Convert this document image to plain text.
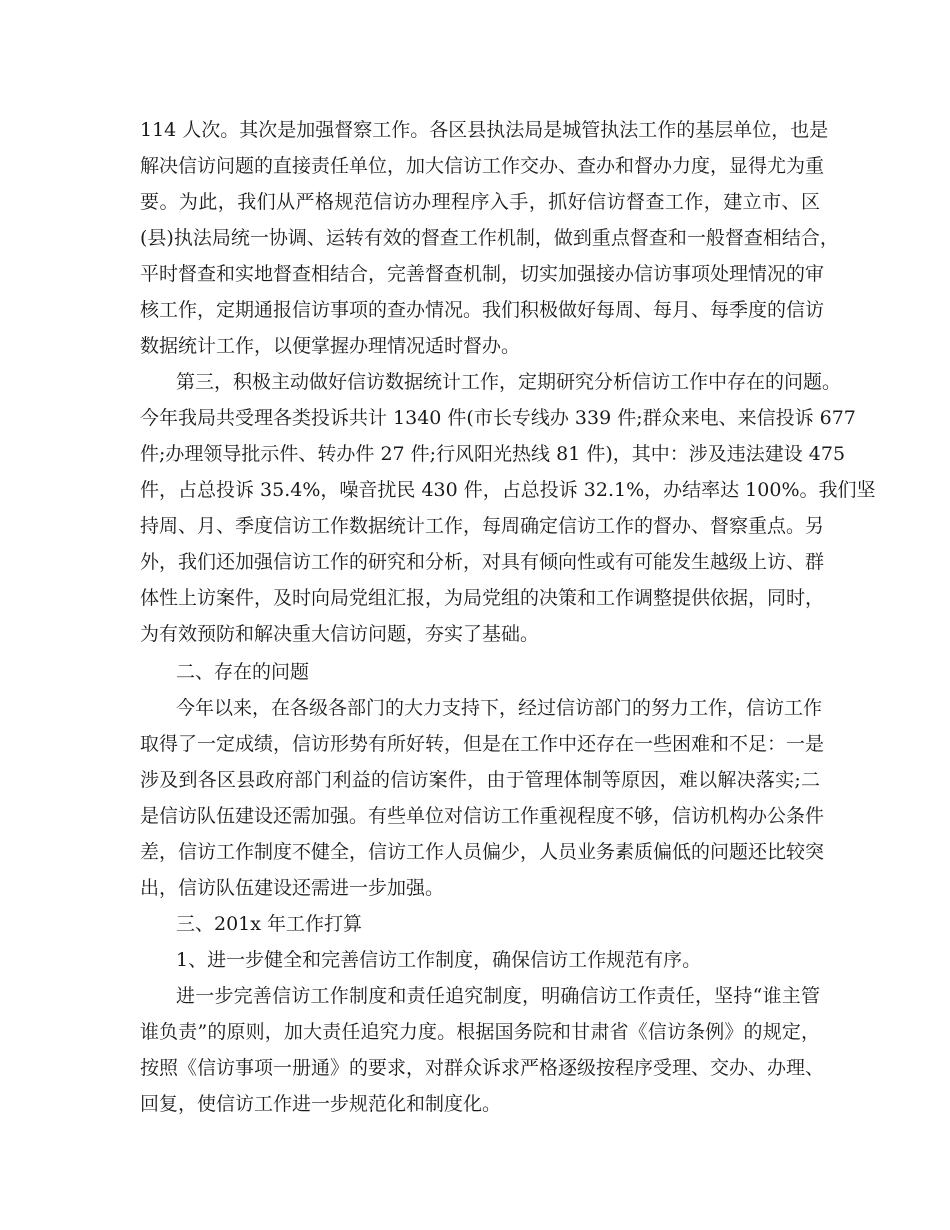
114 人次。其次是加强督察工作。各区县执法局是城管执法工作的基层单位，也是
解决信访问题的直接责任单位，加大信访工作交办、查办和督办力度，显得尤为重
要。为此，我们从严格规范信访办理程序入手，抓好信访督查工作，建立市、区
(县)执法局统一协调、运转有效的督查工作机制，做到重点督查和一般督查相结合，
平时督查和实地督查相结合，完善督查机制，切实加强接办信访事项处理情况的审
核工作，定期通报信访事项的查办情况。我们积极做好每周、每月、每季度的信访
数据统计工作，以便掌握办理情况适时督办。
第三，积极主动做好信访数据统计工作，定期研究分析信访工作中存在的问题。
今年我局共受理各类投诉共计 1340 件(市长专线办 339 件;群众来电、来信投诉 677
件;办理领导批示件、转办件 27 件;行风阳光热线 81 件)，其中：涉及违法建设 475
件，占总投诉 35.4%，噪音扰民 430 件，占总投诉 32.1%，办结率达 100%。我们坚
持周、月、季度信访工作数据统计工作，每周确定信访工作的督办、督察重点。另
外，我们还加强信访工作的研究和分析，对具有倾向性或有可能发生越级上访、群
体性上访案件，及时向局党组汇报，为局党组的决策和工作调整提供依据，同时，
为有效预防和解决重大信访问题，夯实了基础。
二、存在的问题
今年以来，在各级各部门的大力支持下，经过信访部门的努力工作，信访工作
取得了一定成绩，信访形势有所好转，但是在工作中还存在一些困难和不足：一是
涉及到各区县政府部门利益的信访案件，由于管理体制等原因，难以解决落实;二
是信访队伍建设还需加强。有些单位对信访工作重视程度不够，信访机构办公条件
差，信访工作制度不健全，信访工作人员偏少，人员业务素质偏低的问题还比较突
出，信访队伍建设还需进一步加强。
三、201x 年工作打算
1、进一步健全和完善信访工作制度，确保信访工作规范有序。
进一步完善信访工作制度和责任追究制度，明确信访工作责任，坚持“谁主管
谁负责”的原则，加大责任追究力度。根据国务院和甘肃省《信访条例》的规定，
按照《信访事项一册通》的要求，对群众诉求严格逐级按程序受理、交办、办理、
回复，使信访工作进一步规范化和制度化。
